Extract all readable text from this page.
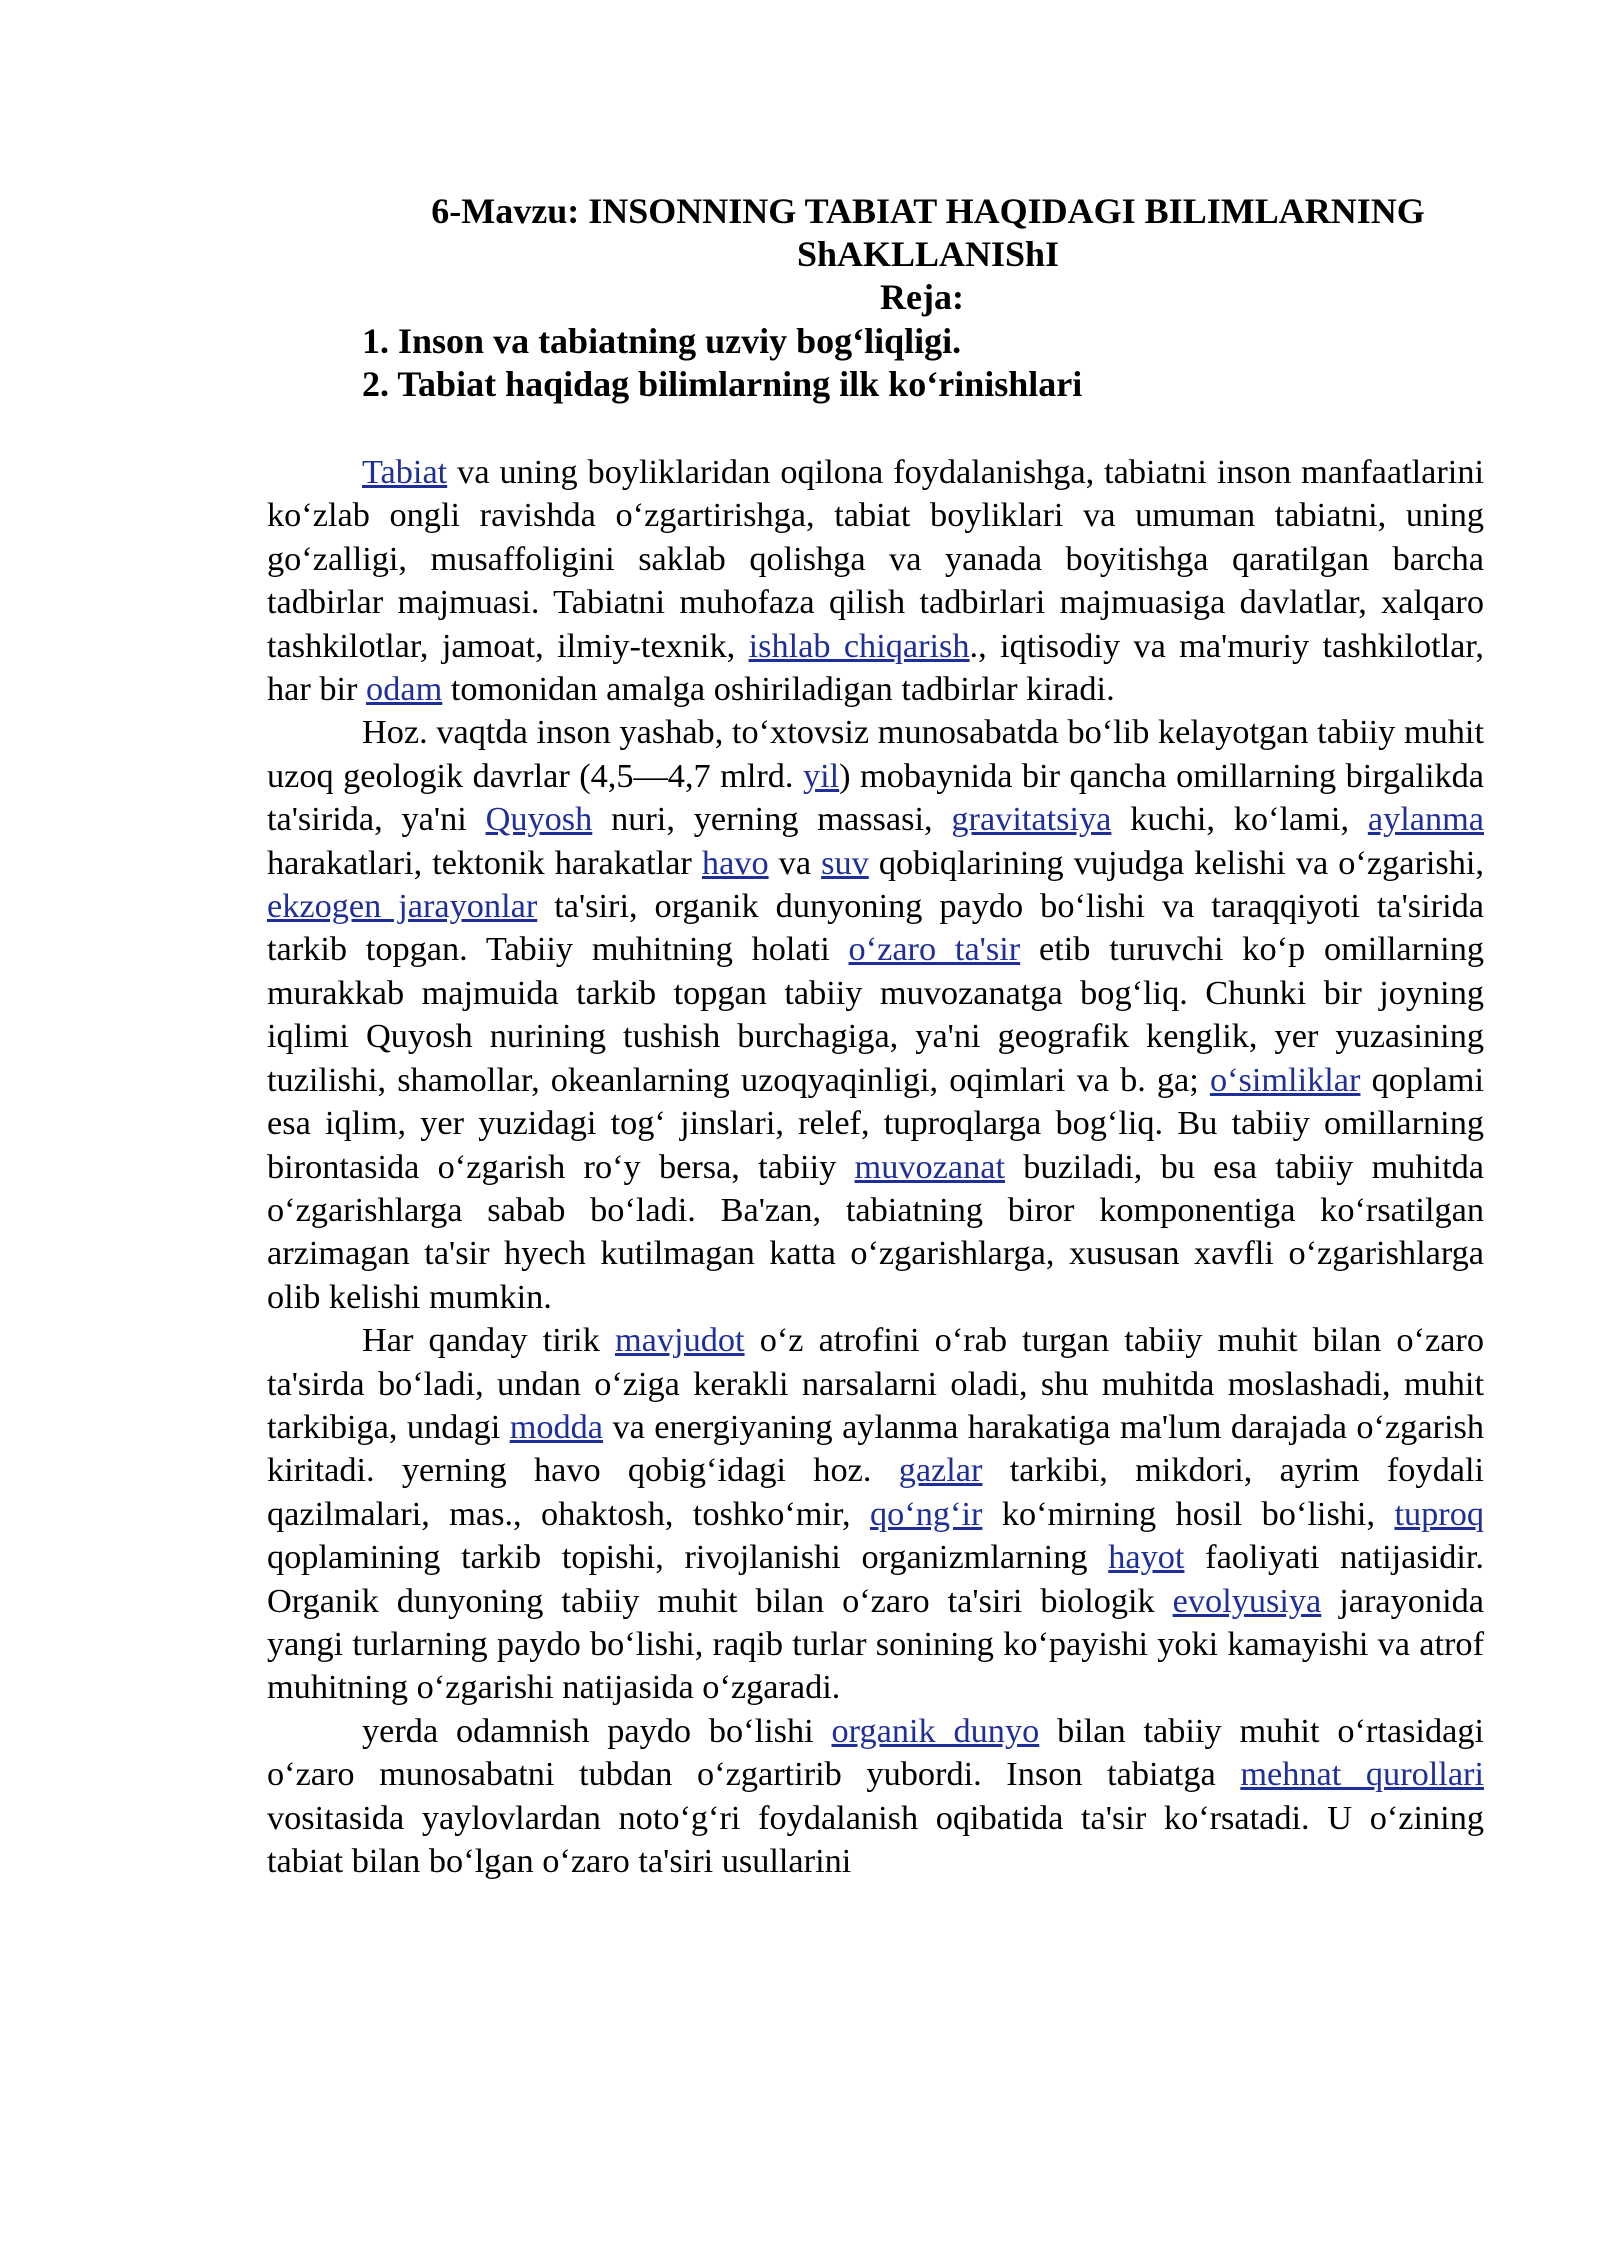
6-Mavzu: INSONNING TABIAT HAQIDAGI BILIMLARNING ShAKLLANIShI
Reja:
1. Inson va tabiatning uzviy bog‘liqligi.
2. Tabiat haqidag bilimlarning ilk ko‘rinishlari

Tabiat va uning boyliklaridan oqilona foydalanishga, tabiatni inson manfaatlarini ko‘zlab ongli ravishda o‘zgartirishga, tabiat boyliklari va umuman tabiatni, uning go‘zalligi, musaffoligini saklab qolishga va yanada boyitishga qaratilgan barcha tadbirlar majmuasi. Tabiatni muhofaza qilish tadbirlari majmuasiga davlatlar, xalqaro tashkilotlar, jamoat, ilmiy-texnik, ishlab chiqarish., iqtisodiy va ma'muriy tashkilotlar, har bir odam tomonidan amalga oshiriladigan tadbirlar kiradi.

Hoz. vaqtda inson yashab, to‘xtovsiz munosabatda bo‘lib kelayotgan tabiiy muhit uzoq geologik davrlar (4,5—4,7 mlrd. yil) mobaynida bir qancha omillarning birgalikda ta'sirida, ya'ni Quyosh nuri, yerning massasi, gravitatsiya kuchi, ko‘lami, aylanma harakatlari, tektonik harakatlar havo va suv qobiqlarining vujudga kelishi va o‘zgarishi, ekzogen jarayonlar ta'siri, organik dunyoning paydo bo‘lishi va taraqqiyoti ta'sirida tarkib topgan. Tabiiy muhitning holati o‘zaro ta'sir etib turuvchi ko‘p omillarning murakkab majmuida tarkib topgan tabiiy muvozanatga bog‘liq. Chunki bir joyning iqlimi Quyosh nurining tushish burchagiga, ya'ni geografik kenglik, yer yuzasining tuzilishi, shamollar, okeanlarning uzoqyaqinligi, oqimlari va b. ga; o‘simliklar qoplami esa iqlim, yer yuzidagi tog‘ jinslari, relef, tuproqlarga bog‘liq. Bu tabiiy omillarning birontasida o‘zgarish ro‘y bersa, tabiiy muvozanat buziladi, bu esa tabiiy muhitda o‘zgarishlarga sabab bo‘ladi. Ba'zan, tabiatning biror komponentiga ko‘rsatilgan arzimagan ta'sir hyech kutilmagan katta o‘zgarishlarga, xususan xavfli o‘zgarishlarga olib kelishi mumkin.

Har qanday tirik mavjudot o‘z atrofini o‘rab turgan tabiiy muhit bilan o‘zaro ta'sirda bo‘ladi, undan o‘ziga kerakli narsalarni oladi, shu muhitda moslashadi, muhit tarkibiga, undagi modda va energiyaning aylanma harakatiga ma'lum darajada o‘zgarish kiritadi. yerning havo qobig‘idagi hoz. gazlar tarkibi, mikdori, ayrim foydali qazilmalari, mas., ohaktosh, toshko‘mir, qo‘ng‘ir ko‘mirning hosil bo‘lishi, tuproq qoplamining tarkib topishi, rivojlanishi organizmlarning hayot faoliyati natijasidir. Organik dunyoning tabiiy muhit bilan o‘zaro ta'siri biologik evolyusiya jarayonida yangi turlarning paydo bo‘lishi, raqib turlar sonining ko‘payishi yoki kamayishi va atrof muhitning o‘zgarishi natijasida o‘zgaradi.

yerda odamnish paydo bo‘lishi organik dunyo bilan tabiiy muhit o‘rtasidagi o‘zaro munosabatni tubdan o‘zgartirib yubordi. Inson tabiatga mehnat qurollari vositasida yaylovlardan noto‘g‘ri foydalanish oqibatida ta'sir ko‘rsatadi. U o‘zining tabiat bilan bo‘lgan o‘zaro ta'siri usullarini
